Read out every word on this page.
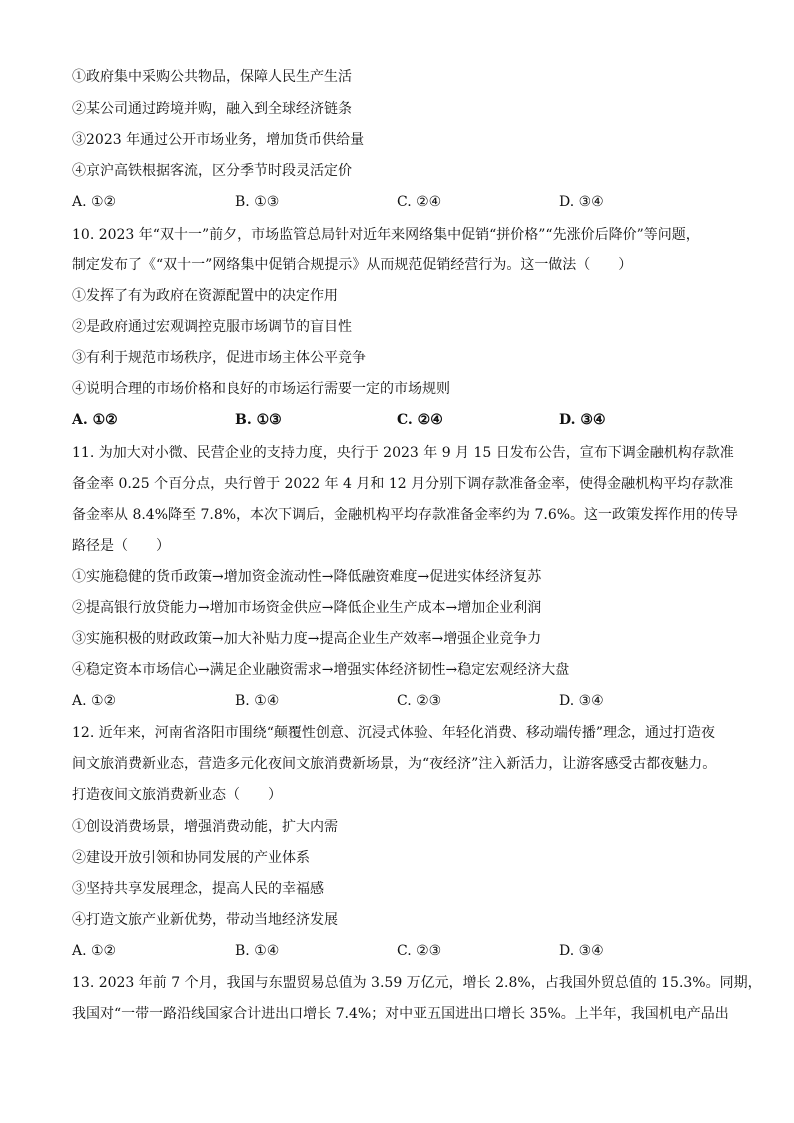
①政府集中采购公共物品，保障人民生产生活
②某公司通过跨境并购，融入到全球经济链条
③2023 年通过公开市场业务，增加货币供给量
④京沪高铁根据客流，区分季节时段灵活定价
A. ①②	B. ①③	C. ②④	D. ③④
10. 2023 年“双十一”前夕，市场监管总局针对近年来网络集中促销“拼价格”“先涨价后降价”等问题，
制定发布了《“双十一”网络集中促销合规提示》从而规范促销经营行为。这一做法（　　）
①发挥了有为政府在资源配置中的决定作用
②是政府通过宏观调控克服市场调节的盲目性
③有利于规范市场秩序，促进市场主体公平竞争
④说明合理的市场价格和良好的市场运行需要一定的市场规则
A. ①②	B. ①③	C. ②④	D. ③④
11. 为加大对小微、民营企业的支持力度，央行于 2023 年 9 月 15 日发布公告，宣布下调金融机构存款准
备金率 0.25 个百分点，央行曾于 2022 年 4 月和 12 月分别下调存款准备金率，使得金融机构平均存款准
备金率从 8.4%降至 7.8%，本次下调后，金融机构平均存款准备金率约为 7.6%。这一政策发挥作用的传导
路径是（　　）
①实施稳健的货币政策→增加资金流动性→降低融资难度→促进实体经济复苏
②提高银行放贷能力→增加市场资金供应→降低企业生产成本→增加企业利润
③实施积极的财政政策→加大补贴力度→提高企业生产效率→增强企业竞争力
④稳定资本市场信心→满足企业融资需求→增强实体经济韧性→稳定宏观经济大盘
A. ①②	B. ①④	C. ②③	D. ③④
12. 近年来，河南省洛阳市围绕“颠覆性创意、沉浸式体验、年轻化消费、移动端传播”理念，通过打造夜
间文旅消费新业态，营造多元化夜间文旅消费新场景，为“夜经济”注入新活力，让游客感受古都夜魅力。
打造夜间文旅消费新业态（　　）
①创设消费场景，增强消费动能，扩大内需
②建设开放引领和协同发展的产业体系
③坚持共享发展理念，提高人民的幸福感
④打造文旅产业新优势，带动当地经济发展
A. ①②	B. ①④	C. ②③	D. ③④
13. 2023 年前 7 个月，我国与东盟贸易总值为 3.59 万亿元，增长 2.8%，占我国外贸总值的 15.3%。同期，
我国对“一带一路沿线国家合计进出口增长 7.4%；对中亚五国进出口增长 35%。上半年，我国机电产品出
